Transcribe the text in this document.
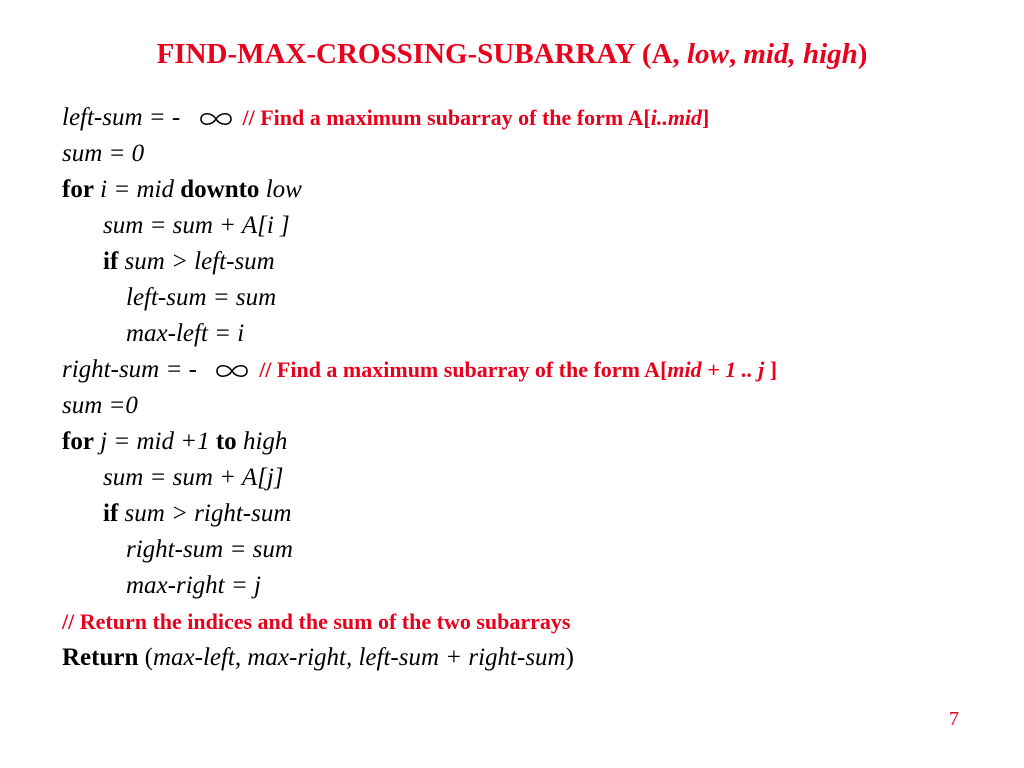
FIND-MAX-CROSSING-SUBARRAY (A, low, mid, high)
left-sum = -	// Find a maximum subarray of the form A[i..mid]
sum = 0
for i = mid downto low
sum = sum + A[i ]
if sum > left-sum
left-sum = sum
max-left = i
right-sum = -	// Find a maximum subarray of the form A[mid + 1 .. j ]
sum =0
for j = mid +1 to high
sum = sum + A[j]
if sum > right-sum
right-sum = sum
max-right = j
// Return the indices and the sum of the two subarrays
Return (max-left, max-right, left-sum + right-sum)
7
